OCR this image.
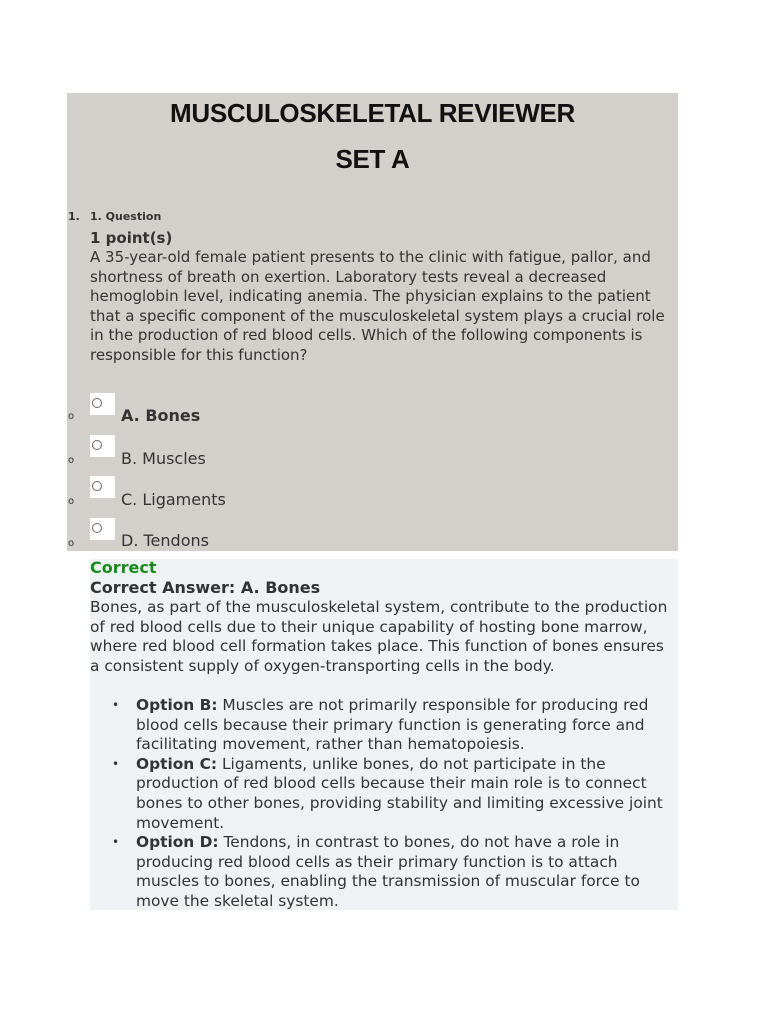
MUSCULOSKELETAL REVIEWER
SET A
1. 1. Question
1 point(s)
A 35-year-old female patient presents to the clinic with fatigue, pallor, and shortness of breath on exertion. Laboratory tests reveal a decreased hemoglobin level, indicating anemia. The physician explains to the patient that a specific component of the musculoskeletal system plays a crucial role in the production of red blood cells. Which of the following components is responsible for this function?
o	A. Bones
o	B. Muscles
o	C. Ligaments
o	D. Tendons
Correct
Correct Answer: A. Bones
Bones, as part of the musculoskeletal system, contribute to the production of red blood cells due to their unique capability of hosting bone marrow, where red blood cell formation takes place. This function of bones ensures a consistent supply of oxygen-transporting cells in the body.
• Option B: Muscles are not primarily responsible for producing red blood cells because their primary function is generating force and facilitating movement, rather than hematopoiesis.
• Option C: Ligaments, unlike bones, do not participate in the production of red blood cells because their main role is to connect bones to other bones, providing stability and limiting excessive joint movement.
• Option D: Tendons, in contrast to bones, do not have a role in producing red blood cells as their primary function is to attach muscles to bones, enabling the transmission of muscular force to move the skeletal system.
